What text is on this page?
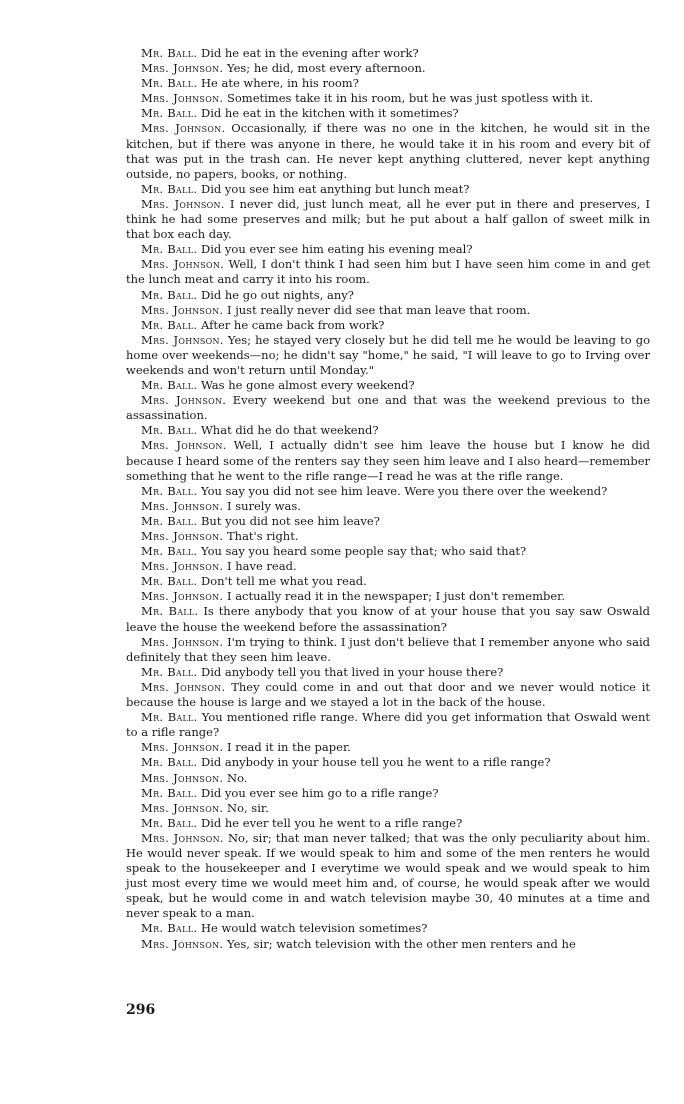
Mr. Ball. Did he eat in the evening after work?

Mrs. Johnson. Yes; he did, most every afternoon.

Mr. Ball. He ate where, in his room?

Mrs. Johnson. Sometimes take it in his room, but he was just spotless with it.

Mr. Ball. Did he eat in the kitchen with it sometimes?

Mrs. Johnson. Occasionally, if there was no one in the kitchen, he would sit in the kitchen, but if there was anyone in there, he would take it in his room and every bit of that was put in the trash can. He never kept anything cluttered, never kept anything outside, no papers, books, or nothing.

Mr. Ball. Did you see him eat anything but lunch meat?

Mrs. Johnson. I never did, just lunch meat, all he ever put in there and preserves, I think he had some preserves and milk; but he put about a half gallon of sweet milk in that box each day.

Mr. Ball. Did you ever see him eating his evening meal?

Mrs. Johnson. Well, I don't think I had seen him but I have seen him come in and get the lunch meat and carry it into his room.

Mr. Ball. Did he go out nights, any?

Mrs. Johnson. I just really never did see that man leave that room.

Mr. Ball. After he came back from work?

Mrs. Johnson. Yes; he stayed very closely but he did tell me he would be leaving to go home over weekends—no; he didn't say "home," he said, "I will leave to go to Irving over weekends and won't return until Monday."

Mr. Ball. Was he gone almost every weekend?

Mrs. Johnson. Every weekend but one and that was the weekend previous to the assassination.

Mr. Ball. What did he do that weekend?

Mrs. Johnson. Well, I actually didn't see him leave the house but I know he did because I heard some of the renters say they seen him leave and I also heard—remember something that he went to the rifle range—I read he was at the rifle range.

Mr. Ball. You say you did not see him leave. Were you there over the weekend?

Mrs. Johnson. I surely was.

Mr. Ball. But you did not see him leave?

Mrs. Johnson. That's right.

Mr. Ball. You say you heard some people say that; who said that?

Mrs. Johnson. I have read.

Mr. Ball. Don't tell me what you read.

Mrs. Johnson. I actually read it in the newspaper; I just don't remember.

Mr. Ball. Is there anybody that you know of at your house that you say saw Oswald leave the house the weekend before the assassination?

Mrs. Johnson. I'm trying to think. I just don't believe that I remember anyone who said definitely that they seen him leave.

Mr. Ball. Did anybody tell you that lived in your house there?

Mrs. Johnson. They could come in and out that door and we never would notice it because the house is large and we stayed a lot in the back of the house.

Mr. Ball. You mentioned rifle range. Where did you get information that Oswald went to a rifle range?

Mrs. Johnson. I read it in the paper.

Mr. Ball. Did anybody in your house tell you he went to a rifle range?

Mrs. Johnson. No.

Mr. Ball. Did you ever see him go to a rifle range?

Mrs. Johnson. No, sir.

Mr. Ball. Did he ever tell you he went to a rifle range?

Mrs. Johnson. No, sir; that man never talked; that was the only peculiarity about him. He would never speak. If we would speak to him and some of the men renters he would speak to the housekeeper and I everytime we would speak and we would speak to him just most every time we would meet him and, of course, he would speak after we would speak, but he would come in and watch television maybe 30, 40 minutes at a time and never speak to a man.

Mr. Ball. He would watch television sometimes?

Mrs. Johnson. Yes, sir; watch television with the other men renters and he

296
